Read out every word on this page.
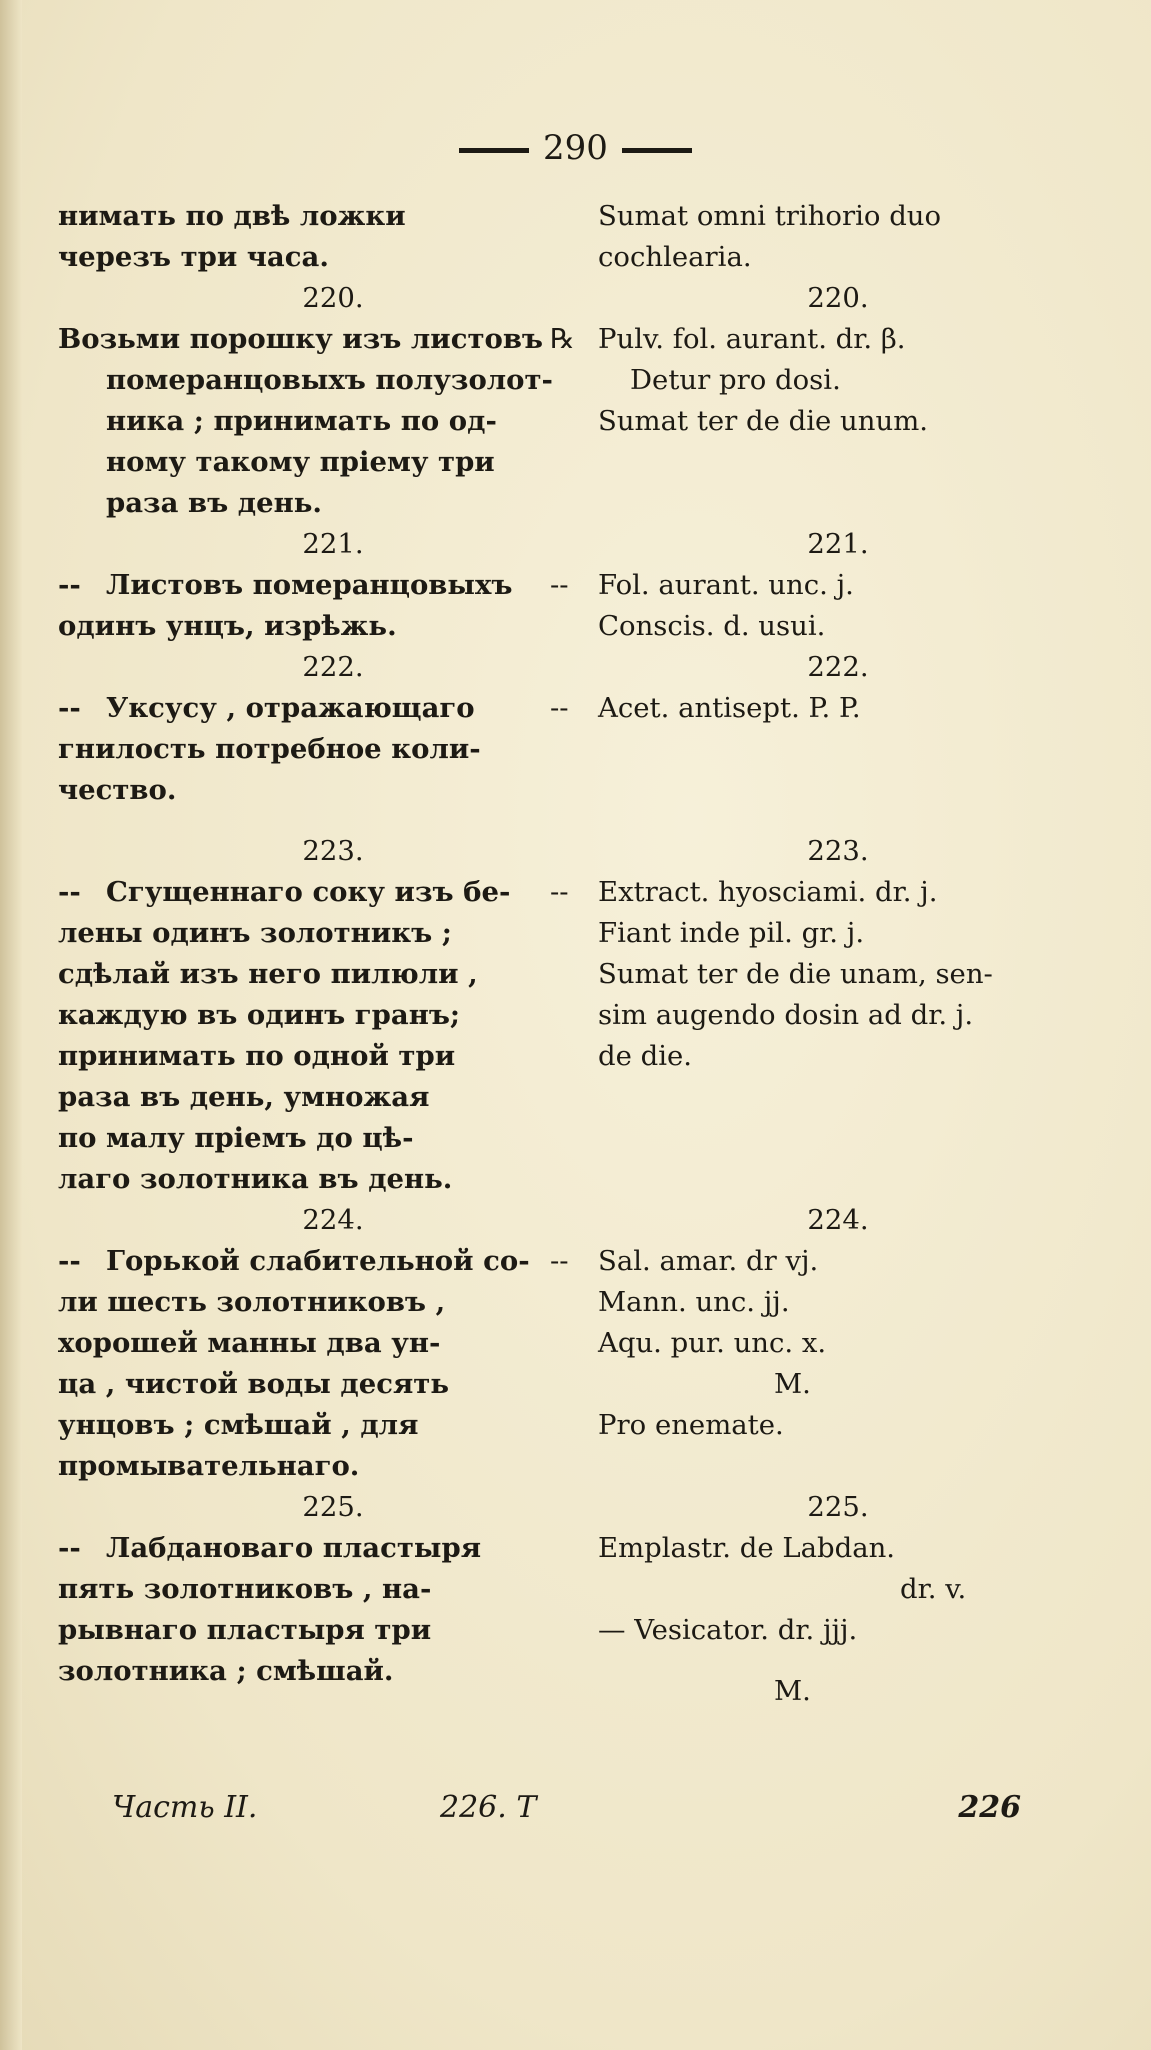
290
нимать по двѣ ложки
черезъ три часа.
220.
Возьми порошку изъ листовъ
померанцовыхъ полузолот-
ника ; принимать по од-
ному такому пріему три
раза въ день.
221.
-- Листовъ померанцовыхъ
одинъ унцъ, изрѣжь.
222.
-- Уксусу , отражающаго
гнилость потребное коли-
чество.
223.
-- Сгущеннаго соку изъ бе-
лены одинъ золотникъ ;
сдѣлай изъ него пилюли ,
каждую въ одинъ гранъ;
принимать по одной три
раза въ день, умножая
по малу пріемъ до цѣ-
лаго золотника въ день.
224.
-- Горькой слабительной со-
ли шесть золотниковъ ,
хорошей манны два ун-
ца , чистой воды десять
унцовъ ; смѣшай , для
промывательнаго.
225.
-- Лабдановаго пластыря
пять золотниковъ , на-
рывнаго пластыря три
золотника ; смѣшай.
Sumat omni trihorio duo
cochlearia.
220.
℞ Pulv. fol. aurant. dr. β.
Detur pro dosi.
Sumat ter de die unum.
221.
--	Fol. aurant. unc. j.
Conscis. d. usui.
222.
--	Acet. antisept. P. P.
223.
--	Extract. hyosciami. dr. j.
Fiant inde pil. gr. j.
Sumat ter de die unam, sen-
sim augendo dosin ad dr. j.
de die.
224.
--	Sal. amar. dr vj.
Mann. unc. jj.
Aqu. pur. unc. x.
M.
Pro enemate.
225.
Emplastr. de Labdan.
dr. v.
— Vesicator. dr. jjj.
M.
Часть II.	226. T	226
